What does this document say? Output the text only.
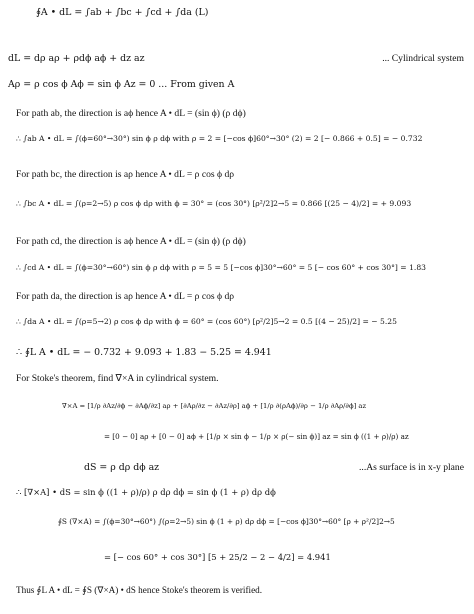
∮A • dL = ∫ab + ∫bc + ∫cd + ∫da (L)
dL = dρ aρ + ρdϕ aϕ + dz az	... Cylindrical system
Aρ = ρ cos ϕ Aϕ = sin ϕ Az = 0 ... From given A
For path ab, the direction is aϕ hence A • dL = (sin ϕ) (ρ dϕ)
∴ ∫ab A • dL = ∫(ϕ=60°→30°) sin ϕ ρ dϕ with ρ = 2 = [−cos ϕ]60°→30° (2) = 2 [− 0.866 + 0.5] = − 0.732
For path bc, the direction is aρ hence A • dL = ρ cos ϕ dρ
∴ ∫bc A • dL = ∫(ρ=2→5) ρ cos ϕ dρ with ϕ = 30° = (cos 30°) [ρ²/2]2→5 = 0.866 [(25 − 4)/2] = + 9.093
For path cd, the direction is aϕ hence A • dL = (sin ϕ) (ρ dϕ)
∴ ∫cd A • dL = ∫(ϕ=30°→60°) sin ϕ ρ dϕ with ρ = 5 = 5 [−cos ϕ]30°→60° = 5 [− cos 60° + cos 30°] = 1.83
For path da, the direction is aρ hence A • dL = ρ cos ϕ dρ
∴ ∫da A • dL = ∫(ρ=5→2) ρ cos ϕ dρ with ϕ = 60° = (cos 60°) [ρ²/2]5→2 = 0.5 [(4 − 25)/2] = − 5.25
∴ ∮L A • dL = − 0.732 + 9.093 + 1.83 − 5.25 = 4.941
For Stoke's theorem, find ∇×A in cylindrical system.
∇×A = [1/ρ ∂Az/∂ϕ − ∂Aϕ/∂z] aρ + [∂Aρ/∂z − ∂Az/∂ρ] aϕ + [1/ρ ∂(ρAϕ)/∂ρ − 1/ρ ∂Aρ/∂ϕ] az
= [0 − 0] aρ + [0 − 0] aϕ + [1/ρ × sin ϕ − 1/ρ × ρ(− sin ϕ)] az = sin ϕ ((1 + ρ)/ρ) az
dS = ρ dρ dϕ az	...As surface is in x-y plane
∴ [∇×A] • dS = sin ϕ ((1 + ρ)/ρ) ρ dρ dϕ = sin ϕ (1 + ρ) dρ dϕ
∮S (∇×A) = ∫(ϕ=30°→60°) ∫(ρ=2→5) sin ϕ (1 + ρ) dρ dϕ = [−cos ϕ]30°→60° [ρ + ρ²/2]2→5
= [− cos 60° + cos 30°] [5 + 25/2 − 2 − 4/2] = 4.941
Thus ∮L A • dL = ∮S (∇×A) • dS hence Stoke's theorem is verified.
